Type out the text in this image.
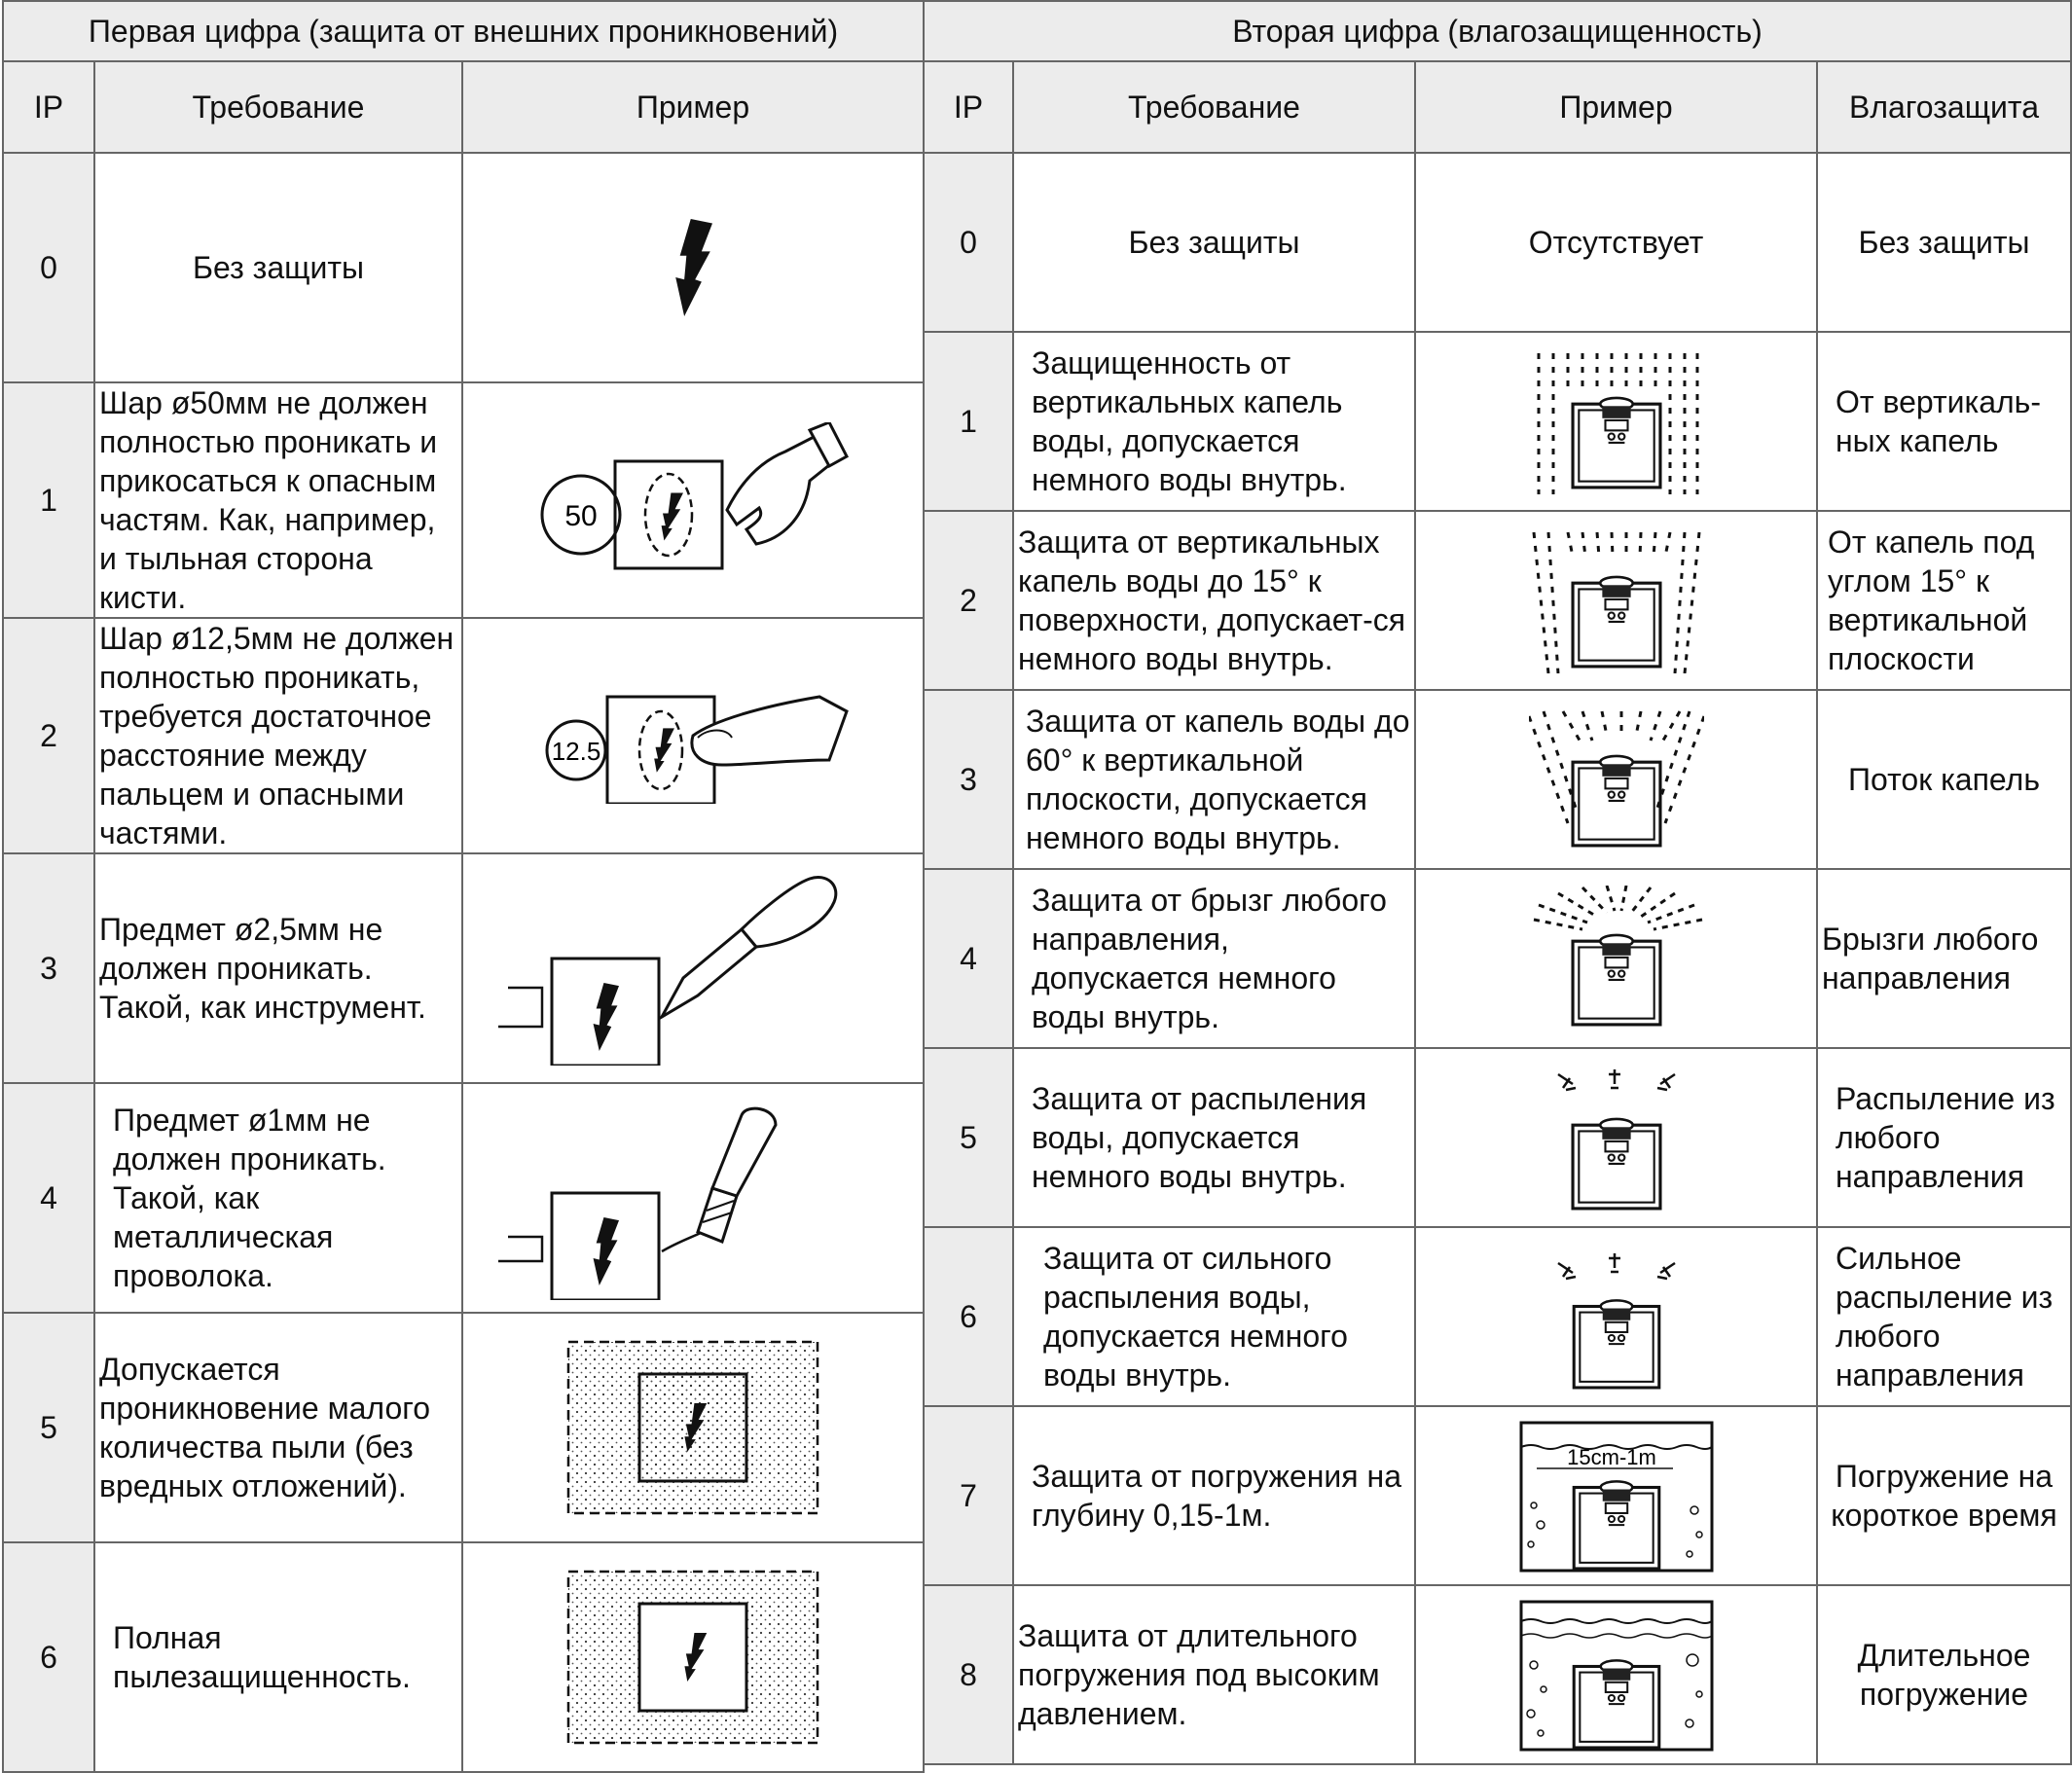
Первая цифра (защита от внешних проникновений)		
IP	Требование	Пример
0	Без защиты	

1	Шар ø50мм не должен полностью проникать и прикосаться к опасным частям. Как, например, и тыльная сторона кисти.	50

2	Шар ø12,5мм не должен полностью проникать, требуется достаточное расстояние между пальцем и опасными частями.	12.5

3	Предмет ø2,5мм не должен проникать. Такой, как инструмент.	

4	Предмет ø1мм не должен проникать. Такой, как металлическая проволока.	

5	Допускается проникновение малого количества пыли (без вредных отложений).	

6	Полная пылезащищенность.	
Вторая цифра (влагозащищенность)			
IP	Требование	Пример	Влагозащита
0	Без защиты	Отсутствует	Без защиты
1	Защищенность от вертикальных капель воды, допускается немного воды внутрь.		От вертикаль-ных капель
2	Защита от вертикальных капель воды до 15° к поверхности, допускает-ся немного воды внутрь.		От капель под углом 15° к вертикальной плоскости
3	Защита от капель воды до 60° к вертикальной плоскости, допускается немного воды внутрь.		Поток капель
4	Защита от брызг любого направления, допускается немного воды внутрь.		Брызги любого направления
5	Защита от распыления воды, допускается немного воды внутрь.		Распыление из любого направления
6	Защита от сильного распыления воды, допускается немного воды внутрь.		Сильное распыление из любого направления
7	Защита от погружения на глубину 0,15-1м.	15cm-1m	Погружение на короткое время
8	Защита от длительного погружения под высоким давлением.		Длительное погружение
